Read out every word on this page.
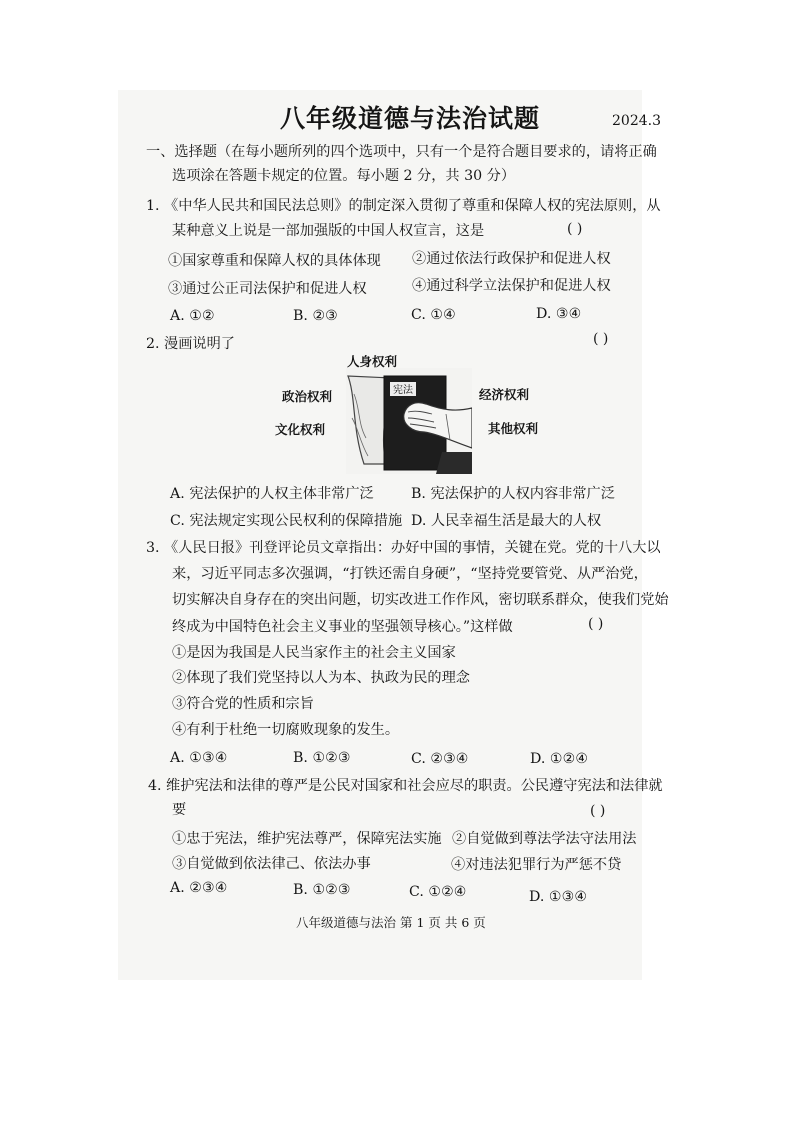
八年级道德与法治试题	2024.3
一、选择题（在每小题所列的四个选项中，只有一个是符合题目要求的，请将正确
选项涂在答题卡规定的位置。每小题 2 分，共 30 分）
1. 《中华人民共和国民法总则》的制定深入贯彻了尊重和保障人权的宪法原则，从
某种意义上说是一部加强版的中国人权宣言，这是	( )
①国家尊重和保障人权的具体体现 ②通过依法行政保护和促进人权
③通过公正司法保护和促进人权	④通过科学立法保护和促进人权
A. ①②	B. ②③	C. ①④	D. ③④
2. 漫画说明了	( )
宪法
人身权利
政治权利
文化权利
经济权利
其他权利
A. 宪法保护的人权主体非常广泛	B. 宪法保护的人权内容非常广泛
C. 宪法规定实现公民权利的保障措施 D. 人民幸福生活是最大的人权
3. 《人民日报》刊登评论员文章指出：办好中国的事情，关键在党。党的十八大以
来，习近平同志多次强调，“打铁还需自身硬”，“坚持党要管党、从严治党，
切实解决自身存在的突出问题，切实改进工作作风，密切联系群众，使我们党始
终成为中国特色社会主义事业的坚强领导核心。”这样做	( )
①是因为我国是人民当家作主的社会主义国家
②体现了我们党坚持以人为本、执政为民的理念
③符合党的性质和宗旨
④有利于杜绝一切腐败现象的发生。
A. ①③④	B. ①②③	C. ②③④	D. ①②④
4. 维护宪法和法律的尊严是公民对国家和社会应尽的职责。公民遵守宪法和法律就
要	( )
①忠于宪法，维护宪法尊严，保障宪法实施 ②自觉做到尊法学法守法用法
③自觉做到依法律己、依法办事	④对违法犯罪行为严惩不贷
A. ②③④	B. ①②③	C. ①②④	D. ①③④
八年级道德与法治 第 1 页 共 6 页
